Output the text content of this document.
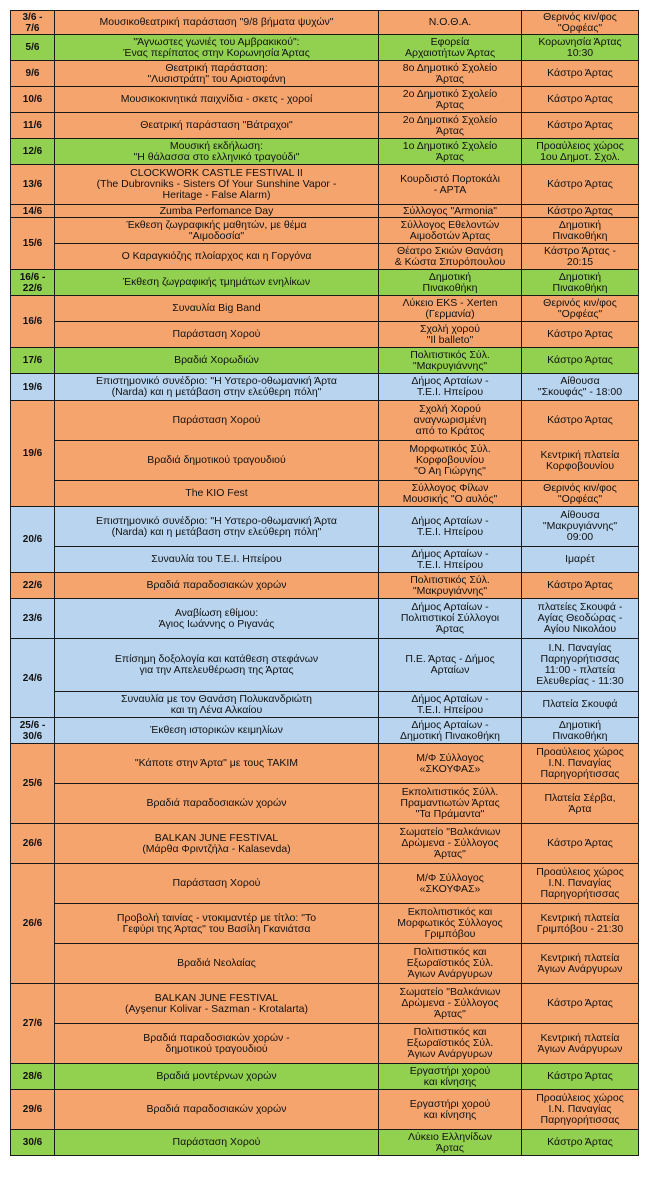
3/6 -
7/6	Μουσικοθεατρική παράσταση "9/8 βήματα ψυχών"	Ν.Ο.Θ.Α.	Θερινός κιν/φος
"Ορφέας"
5/6	"Άγνωστες γωνιές του Αμβρακικού":
Ένας περίπατος στην Κορωνησία Άρτας	Εφορεία
Αρχαιοτήτων Άρτας	Κορωνησία Άρτας
10:30
9/6	Θεατρική παράσταση:
"Λυσιστράτη" του Αριστοφάνη	8ο Δημοτικό Σχολείο
Άρτας	Κάστρο Άρτας
10/6	Μουσικοκινητικά παιχνίδια - σκετς - χοροί	2ο Δημοτικό Σχολείο
Άρτας	Κάστρο Άρτας
11/6	Θεατρική παράσταση "Βάτραχοι"	2ο Δημοτικό Σχολείο
Άρτας	Κάστρο Άρτας
12/6	Μουσική εκδήλωση:
"Η θάλασσα στο ελληνικό τραγούδι"	1ο Δημοτικό Σχολείο
Άρτας	Προαύλειος χώρος
1ου Δημοτ. Σχολ.
13/6	CLOCKWORK CASTLE FESTIVAL II
(The Dubrovniks - Sisters Of Your Sunshine Vapor -
Heritage - False Alarm)	Κουρδιστό Πορτοκάλι
- ΑΡΤΑ	Κάστρο Άρτας
14/6	Zumba Perfomance Day	Σύλλογος "Armonia"	Κάστρο Άρτας
15/6	Έκθεση ζωγραφικής μαθητών, με θέμα
"Αιμοδοσία"	Σύλλογος Εθελοντών
Αιμοδοτών Άρτας	Δημοτική
Πινακοθήκη
	Ο Καραγκιόζης πλοίαρχος και η Γοργόνα	Θέατρο Σκιών Θανάση
& Κώστα Σπυρόπουλου	Κάστρο Άρτας -
20:15
16/6 -
22/6	Έκθεση ζωγραφικής τμημάτων ενηλίκων	Δημοτική
Πινακοθήκη	Δημοτική
Πινακοθήκη
16/6	Συναυλία Big Band	Λύκειο EKS - Xerten
(Γερμανία)	Θερινός κιν/φος
"Ορφέας"
	Παράσταση Χορού	Σχολή χορού
"Il balleto"	Κάστρο Άρτας
17/6	Βραδιά Χορωδιών	Πολιτιστικός Σύλ.
"Μακρυγιάννης"	Κάστρο Άρτας
19/6	Επιστημονικό συνέδριο: "Η Υστερο-οθωμανική Άρτα
(Narda) και η μετάβαση στην ελεύθερη πόλη"	Δήμος Αρταίων -
Τ.Ε.Ι. Ηπείρου	Αίθουσα
"Σκουφάς" - 18:00
19/6	Παράσταση Χορού	Σχολή Χορού
αναγνωρισμένη
από το Κράτος	Κάστρο Άρτας
	Βραδιά δημοτικού τραγουδιού	Μορφωτικός Σύλ.
Κορφοβουνίου
"Ο Αη Γιώργης"	Κεντρική πλατεία
Κορφοβουνίου
	The KIO Fest	Σύλλογος Φίλων
Μουσικής "Ο αυλός"	Θερινός κιν/φος
"Ορφέας"
20/6	Επιστημονικό συνέδριο: "Η Υστερο-οθωμανική Άρτα
(Narda) και η μετάβαση στην ελεύθερη πόλη"	Δήμος Αρταίων -
Τ.Ε.Ι. Ηπείρου	Αίθουσα
"Μακρυγιάννης"
09:00
	Συναυλία του Τ.Ε.Ι. Ηπείρου	Δήμος Αρταίων -
Τ.Ε.Ι. Ηπείρου	Ιμαρέτ
22/6	Βραδιά παραδοσιακών χορών	Πολιτιστικός Σύλ.
"Μακρυγιάννης"	Κάστρο Άρτας
23/6	Αναβίωση εθίμου:
Άγιος Ιωάννης ο Ριγανάς	Δήμος Αρταίων -
Πολιτιστικοί Σύλλογοι
Άρτας	πλατείες Σκουφά -
Αγίας Θεοδώρας -
Αγίου Νικολάου
24/6	Επίσημη δοξολογία και κατάθεση στεφάνων
για την Απελευθέρωση της Άρτας	Π.Ε. Άρτας - Δήμος
Αρταίων	Ι.Ν. Παναγίας
Παρηγορήτισσας
11:00 - πλατεία
Ελευθερίας - 11:30
	Συναυλία με τον Θανάση Πολυκανδριώτη
και τη Λένα Αλκαίου	Δήμος Αρταίων -
Τ.Ε.Ι. Ηπείρου	Πλατεία Σκουφά
25/6 -
30/6	Έκθεση ιστορικών κειμηλίων	Δήμος Αρταίων -
Δημοτική Πινακοθήκη	Δημοτική
Πινακοθήκη
25/6	"Κάποτε στην Άρτα" με τους ΤΑΚΙΜ	Μ/Φ Σύλλογος
«ΣΚΟΥΦΑΣ»	Προαύλειος χώρος
Ι.Ν. Παναγίας
Παρηγορήτισσας
	Βραδιά παραδοσιακών χορών	Εκπολιτιστικός Σύλλ.
Πραμαντιωτών Άρτας
"Τα Πράμαντα"	Πλατεία Σέρβα,
Άρτα
26/6	BALKAN JUNE FESTIVAL
(Μάρθα Φριντζήλα - Kalasevda)	Σωματείο "Βαλκάνιων
Δρώμενα - Σύλλογος
Άρτας"	Κάστρο Άρτας
26/6	Παράσταση Χορού	Μ/Φ Σύλλογος
«ΣΚΟΥΦΑΣ»	Προαύλειος χώρος
Ι.Ν. Παναγίας
Παρηγορήτισσας
	Προβολή ταινίας - ντοκιμαντέρ με τίτλο: "Το
Γεφύρι της Άρτας" του Βασίλη Γκανιάτσα	Εκπολιτιστικός και
Μορφωτικός Σύλλογος
Γριμπόβου	Κεντρική πλατεία
Γριμπόβου - 21:30
	Βραδιά Νεολαίας	Πολιτιστικός και
Εξωραϊστικός Σύλ.
Άγιων Ανάργυρων	Κεντρική πλατεία
Άγιων Ανάργυρων
27/6	BALKAN JUNE FESTIVAL
(Ayşenur Kolivar - Sazman - Krotalarta)	Σωματείο "Βαλκάνιων
Δρώμενα - Σύλλογος
Άρτας"	Κάστρο Άρτας
	Βραδιά παραδοσιακών χορών -
δημοτικού τραγουδιού	Πολιτιστικός και
Εξωραϊστικός Σύλ.
Άγιων Ανάργυρων	Κεντρική πλατεία
Άγιων Ανάργυρων
28/6	Βραδιά μοντέρνων χορών	Εργαστήρι χορού
και κίνησης	Κάστρο Άρτας
29/6	Βραδιά παραδοσιακών χορών	Εργαστήρι χορού
και κίνησης	Προαύλειος χώρος
Ι.Ν. Παναγίας
Παρηγορήτισσας
30/6	Παράσταση Χορού	Λύκειο Ελληνίδων
Άρτας	Κάστρο Άρτας
